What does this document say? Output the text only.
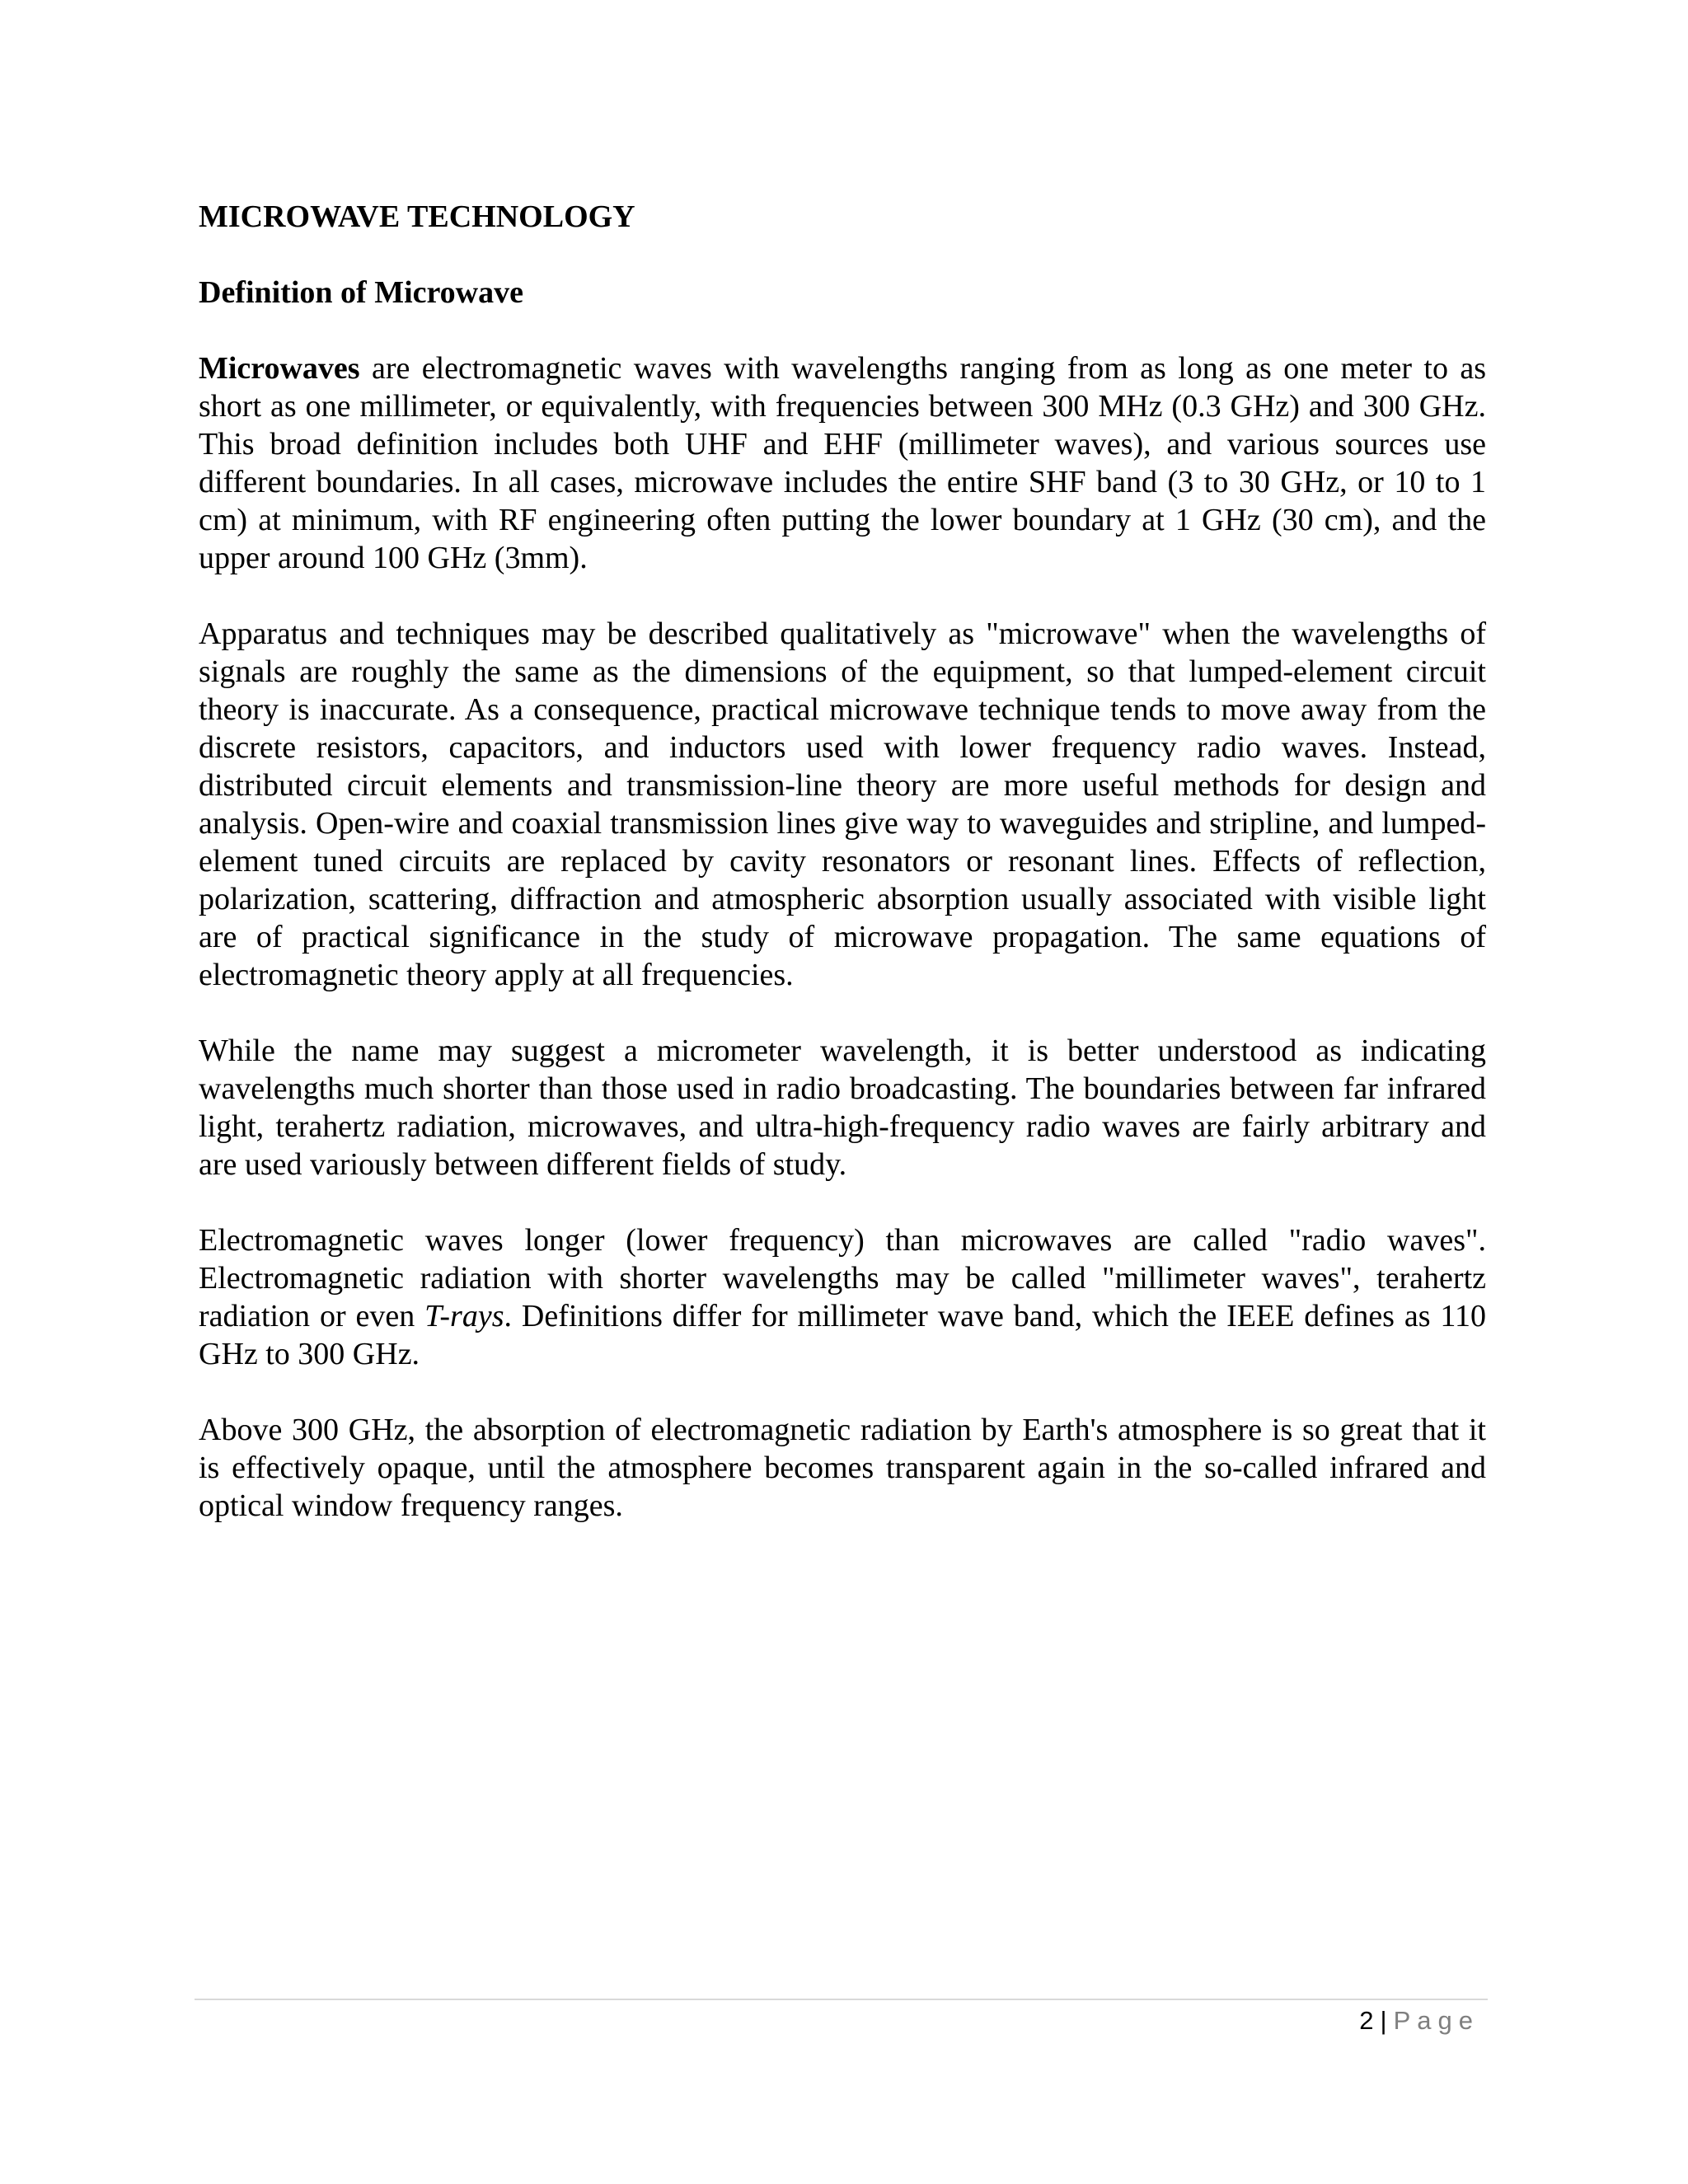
MICROWAVE TECHNOLOGY
Definition of Microwave

Microwaves are electromagnetic waves with wavelengths ranging from as long as one meter to as short as one millimeter, or equivalently, with frequencies between 300 MHz (0.3 GHz) and 300 GHz. This broad definition includes both UHF and EHF (millimeter waves), and various sources use different boundaries. In all cases, microwave includes the entire SHF band (3 to 30 GHz, or 10 to 1 cm) at minimum, with RF engineering often putting the lower boundary at 1 GHz (30 cm), and the upper around 100 GHz (3mm).

Apparatus and techniques may be described qualitatively as "microwave" when the wavelengths of signals are roughly the same as the dimensions of the equipment, so that lumped-element circuit theory is inaccurate. As a consequence, practical microwave technique tends to move away from the discrete resistors, capacitors, and inductors used with lower frequency radio waves. Instead, distributed circuit elements and transmission-line theory are more useful methods for design and analysis. Open-wire and coaxial transmission lines give way to waveguides and stripline, and lumped-element tuned circuits are replaced by cavity resonators or resonant lines. Effects of reflection, polarization, scattering, diffraction and atmospheric absorption usually associated with visible light are of practical significance in the study of microwave propagation. The same equations of electromagnetic theory apply at all frequencies.

While the name may suggest a micrometer wavelength, it is better understood as indicating wavelengths much shorter than those used in radio broadcasting. The boundaries between far infrared light, terahertz radiation, microwaves, and ultra-high-frequency radio waves are fairly arbitrary and are used variously between different fields of study.

Electromagnetic waves longer (lower frequency) than microwaves are called "radio waves". Electromagnetic radiation with shorter wavelengths may be called "millimeter waves", terahertz radiation or even T-rays. Definitions differ for millimeter wave band, which the IEEE defines as 110 GHz to 300 GHz.

Above 300 GHz, the absorption of electromagnetic radiation by Earth's atmosphere is so great that it is effectively opaque, until the atmosphere becomes transparent again in the so-called infrared and optical window frequency ranges.

2 | Page
